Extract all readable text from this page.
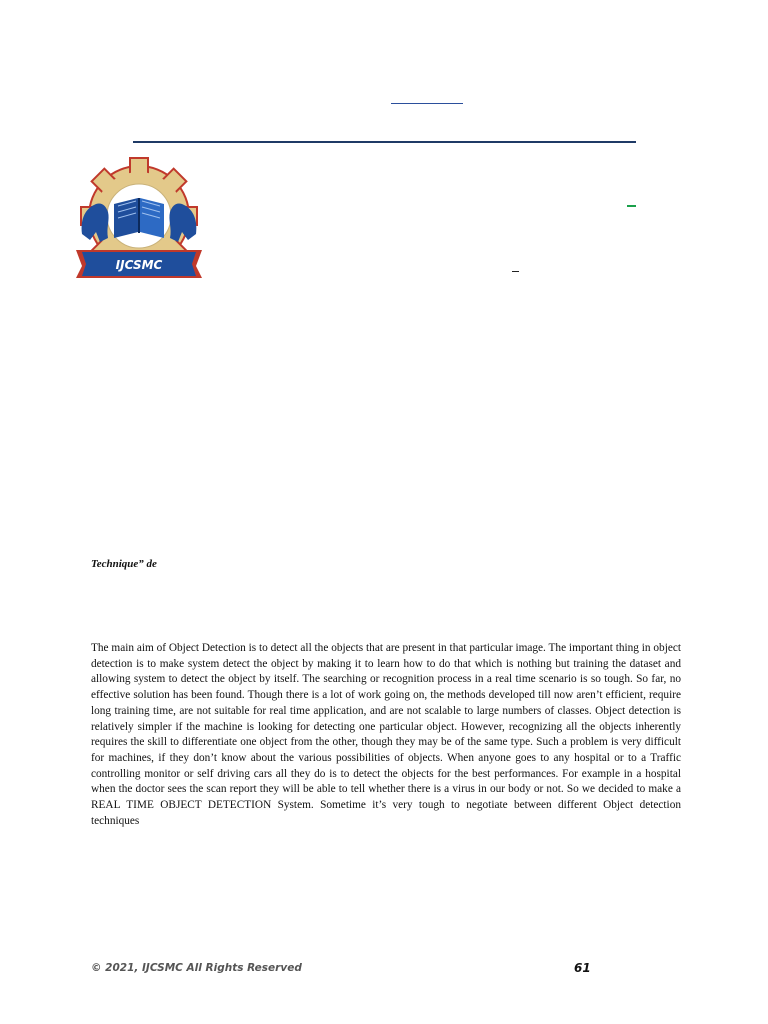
IJCSMC
Technique” de

The main aim of Object Detection is to detect all the objects that are present in that particular image. The important thing in object detection is to make system detect the object by making it to learn how to do that which is nothing but training the dataset and allowing system to detect the object by itself. The searching or recognition process in a real time scenario is so tough. So far, no effective solution has been found. Though there is a lot of work going on, the methods developed till now aren’t efficient, require long training time, are not suitable for real time application, and are not scalable to large numbers of classes. Object detection is relatively simpler if the machine is looking for detecting one particular object. However, recognizing all the objects inherently requires the skill to differentiate one object from the other, though they may be of the same type. Such a problem is very difficult for machines, if they don’t know about the various possibilities of objects. When anyone goes to any hospital or to a Traffic controlling monitor or self driving cars all they do is to detect the objects for the best performances. For example in a hospital when the doctor sees the scan report they will be able to tell whether there is a virus in our body or not. So we decided to make a REAL TIME OBJECT DETECTION System. Sometime it’s very tough to negotiate between different Object detection techniques

© 2021, IJCSMC All Rights Reserved	61
